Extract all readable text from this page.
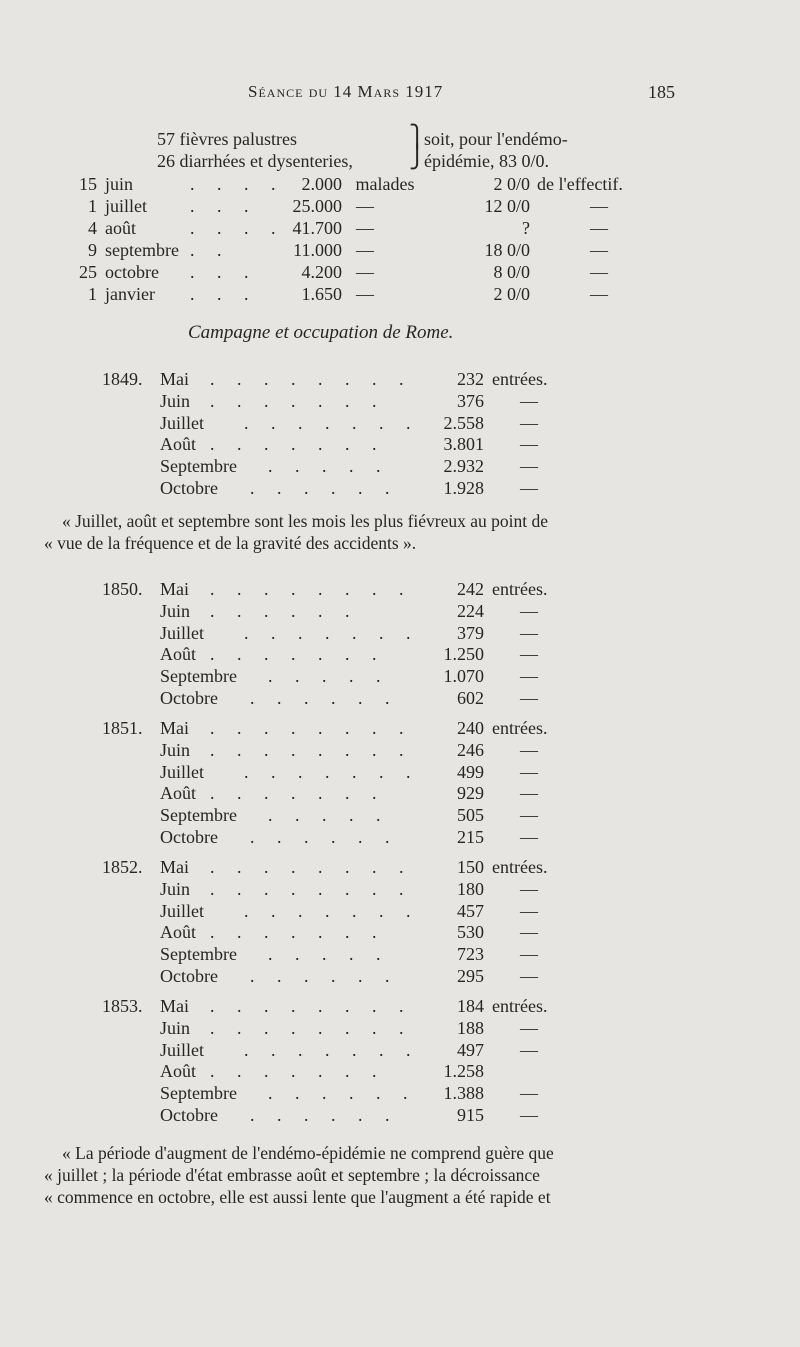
Séance du 14 Mars 1917	185
57 fièvres palustres	⎫
soit, pour l'endémo-
26 diarrhées et dysenteries,	⎭
épidémie, 83 0/0.
15 juin	. . . . 2.000 malades	2 0/0 de l'effectif.
1 juillet . . .	25.000 —	12 0/0	—
4 août	. . . . 41.700 —	?	—
9 septembre . .	11.000 —	18 0/0	—
25 octobre . . .	4.200 —	8 0/0	—
1 janvier . . .	1.650 —	2 0/0	—
Campagne et occupation de Rome.
1849. Mai . . . . . . . .	232 entrées.
Juin . . . . . . .	376 —
Juillet . . . . . . .	2.558 —
Août . . . . . . .	3.801 —
Septembre . . . . .	2.932 —
Octobre . . . . . .	1.928 —
1850. Mai . . . . . . . .	242 entrées.
Juin . . . . . .	224 —
Juillet . . . . . . .	379 —
Août . . . . . . .	1.250 —
Septembre . . . . .	1.070 —
Octobre . . . . . .	602 —
1851. Mai . . . . . . . .	240 entrées.
Juin . . . . . . . .	246 —
Juillet . . . . . . .	499 —
Août . . . . . . .	929 —
Septembre . . . . .	505 —
Octobre . . . . . .	215 —
1852. Mai . . . . . . . .	150 entrées.
Juin . . . . . . . .	180 —
Juillet . . . . . . .	457 —
Août . . . . . . .	530 —
Septembre . . . . .	723 —
Octobre . . . . . .	295 —
1853. Mai . . . . . . . .	184 entrées.
Juin . . . . . . . .	188 —
Juillet . . . . . . .	497 —
Août . . . . . . .	1.258
Septembre . . . . . .	1.388 —
Octobre . . . . . .	915 —
« Juillet, août et septembre sont les mois les plus fiévreux au point de
« vue de la fréquence et de la gravité des accidents ».
« La période d'augment de l'endémo-épidémie ne comprend guère que
« juillet ; la période d'état embrasse août et septembre ; la décroissance
« commence en octobre, elle est aussi lente que l'augment a été rapide et
